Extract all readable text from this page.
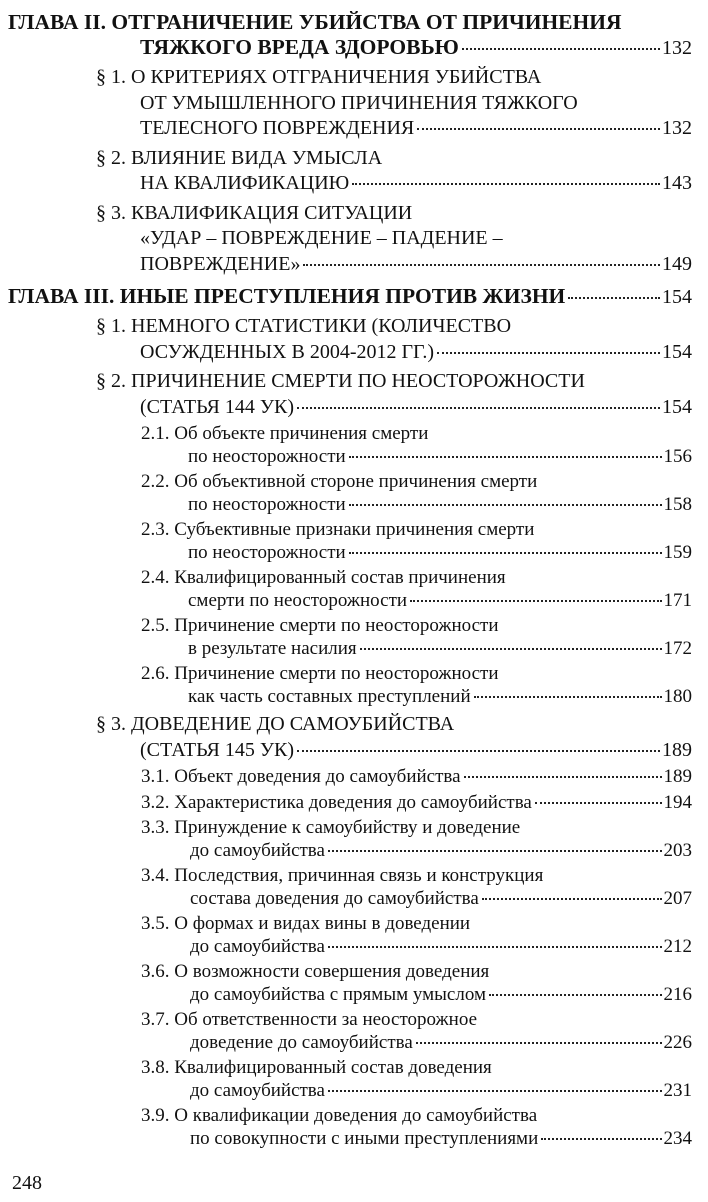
ГЛАВА II. ОТГРАНИЧЕНИЕ УБИЙСТВА ОТ ПРИЧИНЕНИЯ
ТЯЖКОГО ВРЕДА ЗДОРОВЬЮ	132
§ 1. О КРИТЕРИЯХ ОТГРАНИЧЕНИЯ УБИЙСТВА
ОТ УМЫШЛЕННОГО ПРИЧИНЕНИЯ ТЯЖКОГО
ТЕЛЕСНОГО ПОВРЕЖДЕНИЯ	132
§ 2. ВЛИЯНИЕ ВИДА УМЫСЛА
НА КВАЛИФИКАЦИЮ	143
§ 3. КВАЛИФИКАЦИЯ СИТУАЦИИ
«УДАР – ПОВРЕЖДЕНИЕ – ПАДЕНИЕ –
ПОВРЕЖДЕНИЕ»	149
ГЛАВА III. ИНЫЕ ПРЕСТУПЛЕНИЯ ПРОТИВ ЖИЗНИ	154
§ 1. НЕМНОГО СТАТИСТИКИ (КОЛИЧЕСТВО
ОСУЖДЕННЫХ В 2004-2012 ГГ.)	154
§ 2. ПРИЧИНЕНИЕ СМЕРТИ ПО НЕОСТОРОЖНОСТИ
(СТАТЬЯ 144 УК)	154
2.1. Об объекте причинения смерти
по неосторожности	156
2.2. Об объективной стороне причинения смерти
по неосторожности	158
2.3. Субъективные признаки причинения смерти
по неосторожности	159
2.4. Квалифицированный состав причинения
смерти по неосторожности	171
2.5. Причинение смерти по неосторожности
в результате насилия	172
2.6. Причинение смерти по неосторожности
как часть составных преступлений	180
§ 3. ДОВЕДЕНИЕ ДО САМОУБИЙСТВА
(СТАТЬЯ 145 УК)	189
3.1. Объект доведения до самоубийства	189
3.2. Характеристика доведения до самоубийства	194
3.3. Принуждение к самоубийству и доведение
до самоубийства	203
3.4. Последствия, причинная связь и конструкция
состава доведения до самоубийства	207
3.5. О формах и видах вины в доведении
до самоубийства	212
3.6. О возможности совершения доведения
до самоубийства с прямым умыслом	216
3.7. Об ответственности за неосторожное
доведение до самоубийства	226
3.8. Квалифицированный состав доведения
до самоубийства	231
3.9. О квалификации доведения до самоубийства
по совокупности с иными преступлениями	234
248
